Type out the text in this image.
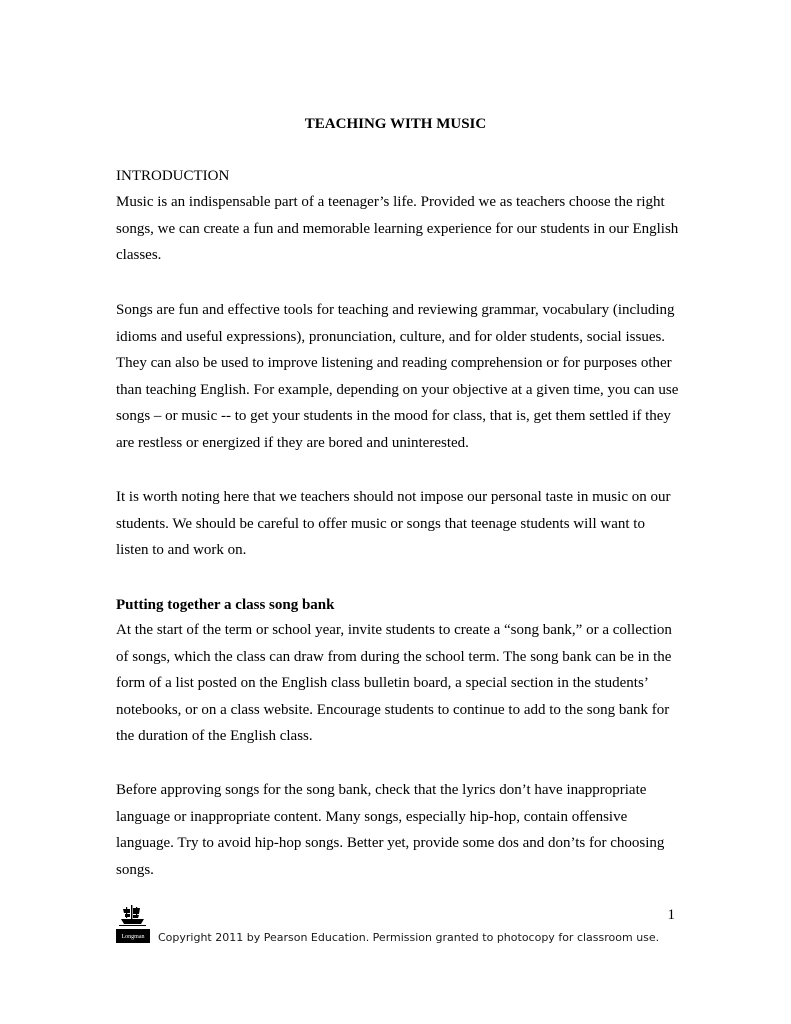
TEACHING WITH MUSIC
INTRODUCTION
Music is an indispensable part of a teenager’s life. Provided we as teachers choose the right songs, we can create a fun and memorable learning experience for our students in our English classes.
Songs are fun and effective tools for teaching and reviewing grammar, vocabulary (including idioms and useful expressions), pronunciation, culture, and for older students, social issues. They can also be used to improve listening and reading comprehension or for purposes other than teaching English. For example, depending on your objective at a given time, you can use songs – or music -- to get your students in the mood for class, that is, get them settled if they are restless or energized if they are bored and uninterested.
It is worth noting here that we teachers should not impose our personal taste in music on our students. We should be careful to offer music or songs that teenage students will want to listen to and work on.
Putting together a class song bank
At the start of the term or school year, invite students to create a “song bank,” or a collection of songs, which the class can draw from during the school term. The song bank can be in the form of a list posted on the English class bulletin board, a special section in the students’ notebooks, or on a class website. Encourage students to continue to add to the song bank for the duration of the English class.
Before approving songs for the song bank, check that the lyrics don’t have inappropriate language or inappropriate content. Many songs, especially hip-hop, contain offensive language. Try to avoid hip-hop songs. Better yet, provide some dos and don’ts for choosing songs.
1
Longman Copyright 2011 by Pearson Education. Permission granted to photocopy for classroom use.
